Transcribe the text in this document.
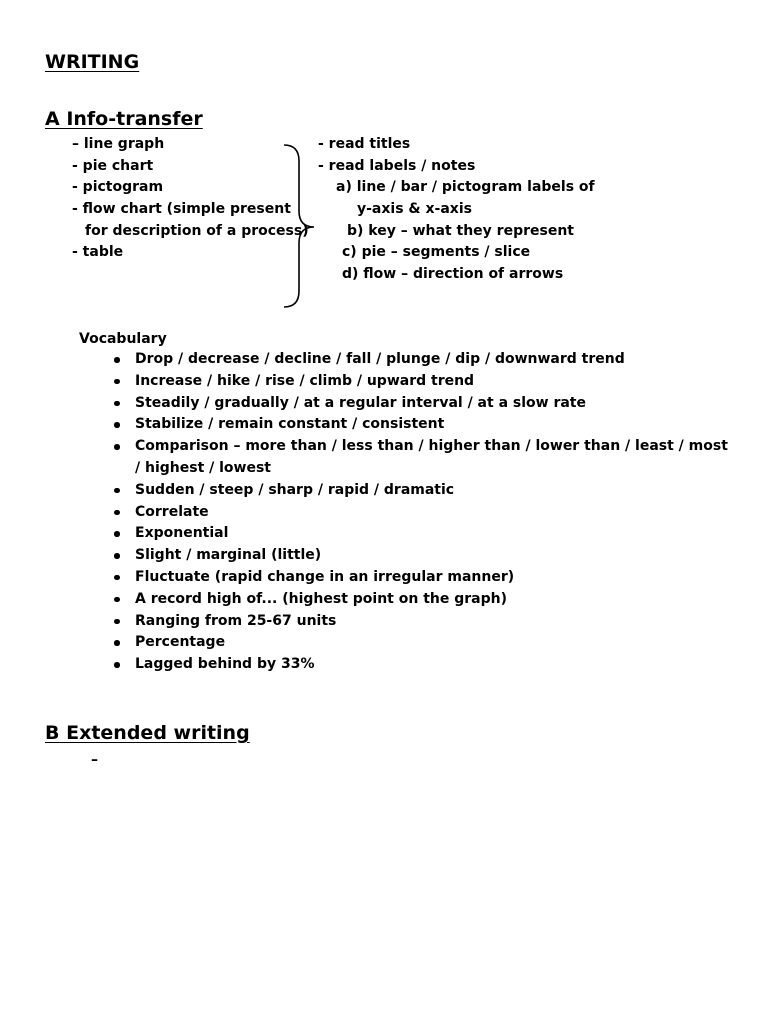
WRITING
A Info-transfer
– line graph
- pie chart
- pictogram
- flow chart (simple present
for description of a process)
- table
- read titles
- read labels / notes
a) line / bar / pictogram labels of
y-axis & x-axis
b) key – what they represent
c) pie – segments / slice
d) flow – direction of arrows
Vocabulary
Drop / decrease / decline / fall / plunge / dip / downward trend
Increase / hike / rise / climb / upward trend
Steadily / gradually / at a regular interval / at a slow rate
Stabilize / remain constant / consistent
Comparison – more than / less than / higher than / lower than / least / most
/ highest / lowest
Sudden / steep / sharp / rapid / dramatic
Correlate
Exponential
Slight / marginal (little)
Fluctuate (rapid change in an irregular manner)
A record high of... (highest point on the graph)
Ranging from 25-67 units
Percentage
Lagged behind by 33%
B Extended writing
–
